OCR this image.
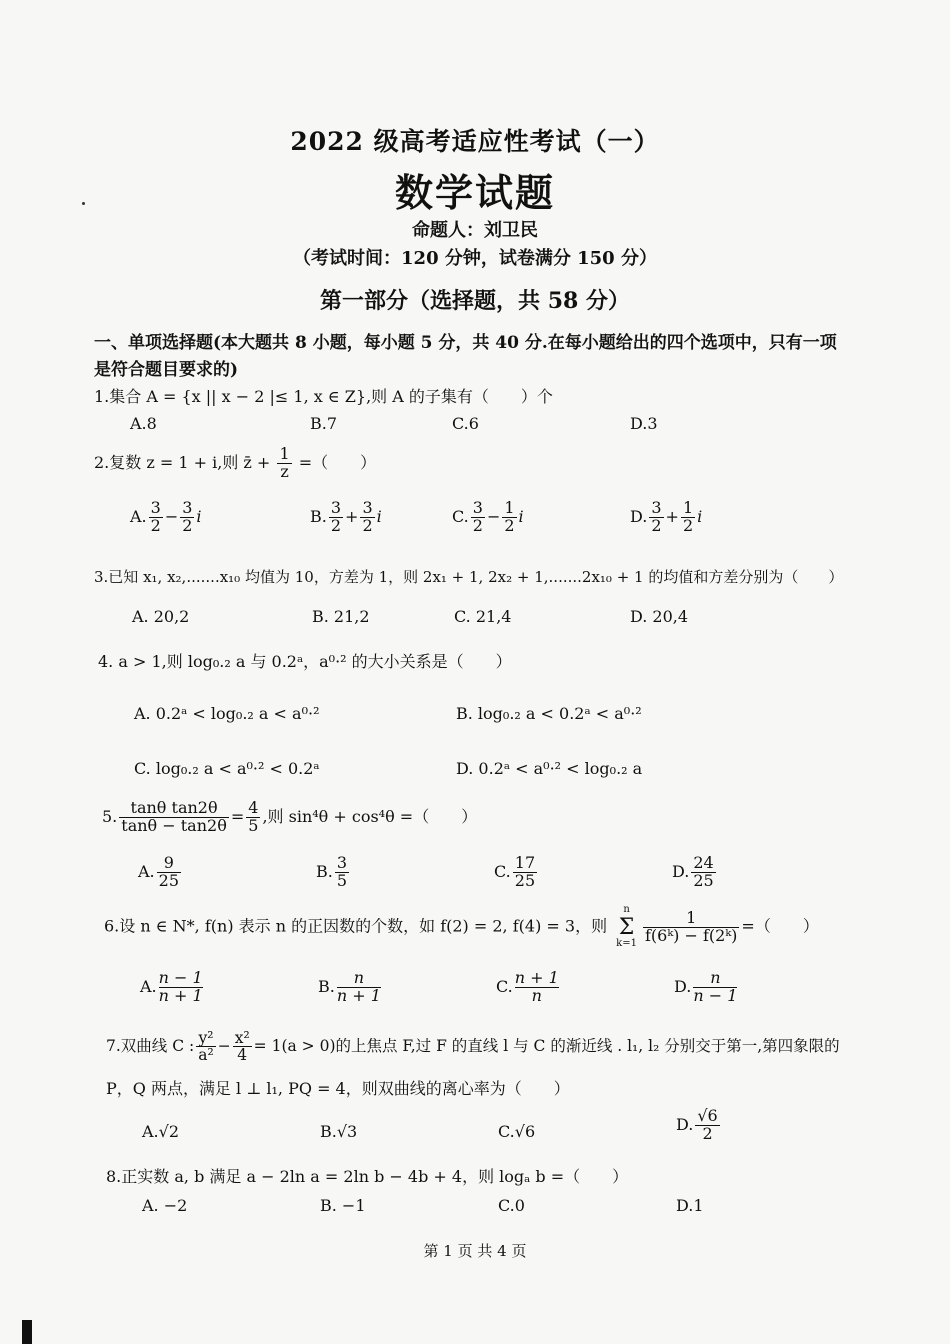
2022 级高考适应性考试（一）
数学试题
命题人：刘卫民
（考试时间：120 分钟，试卷满分 150 分）
第一部分（选择题，共 58 分）
一、单项选择题(本大题共 8 小题，每小题 5 分，共 40 分.在每小题给出的四个选项中，只有一项
是符合题目要求的)
1.集合 A = {x || x − 2 |≤ 1, x ∈ Z},则 A 的子集有（　　）个
A.8	B.7	C.6	D.3
2.复数 z = 1 + i,则 z̄ + $\frac{1}{z}$ =（　　）
A. $\frac{3}{2} - \frac{3}{2}$ i	B. $\frac{3}{2} + \frac{3}{2}$ i	C. $\frac{3}{2} - \frac{1}{2}$ i	D. $\frac{3}{2} + \frac{1}{2}$ i
3.已知 x₁, x₂,.......x₁₀ 均值为 10，方差为 1，则 2x₁ + 1, 2x₂ + 1,.......2x₁₀ + 1 的均值和方差分别为（　　）
A. 20,2	B. 21,2	C. 21,4	D. 20,4
4. a > 1,则 log₀.₂ a 与 0.2ᵃ，a⁰·² 的大小关系是（　　）
A. 0.2ᵃ < log₀.₂ a < a⁰·²	B. log₀.₂ a < 0.2ᵃ < a⁰·²
C. log₀.₂ a < a⁰·² < 0.2ᵃ	D. 0.2ᵃ < a⁰·² < log₀.₂ a
5. $\frac{\text{tanθ tan2θ}}{\tan\theta - \tan 2\theta} = \frac{4}{5}$ ,则 sin⁴θ + cos⁴θ =（　　）
A. $\frac{9}{25}$	B. $\frac{3}{5}$	C. $\frac{17}{25}$	D. $\frac{24}{25}$
6.设 n ∈ N*, f(n) 表示 n 的正因数的个数，如 f(2) = 2, f(4) = 3，则
n
Σ
$k=1 \frac{1}{\text{f(6ᵏ) − f(2ᵏ)}}$ =（　　）
A. $\frac{n - 1}{n + 1}$	B. $\frac{n}{n + 1}$	C. $\frac{n + 1}{n}$	D. $\frac{n}{n - 1}$
7.双曲线 C : $\frac{\text{y²}}{\text{a²}} - \frac{\text{x²}}{4} = 1(a > 0)$的上焦点 F,过 F 的直线 l 与 C 的渐近线 . l₁, l₂ 分别交于第一,第四象限的
P，Q 两点，满足 l ⊥ l₁, PQ = 4，则双曲线的离心率为（　　）
A.√2	B.√3	C.√6	D. $\frac{√6}{2}$
8.正实数 a, b 满足 a − 2ln a = 2ln b − 4b + 4，则 logₐ b =（　　）
A. −2	B. −1	C.0	D.1
第 1 页 共 4 页
